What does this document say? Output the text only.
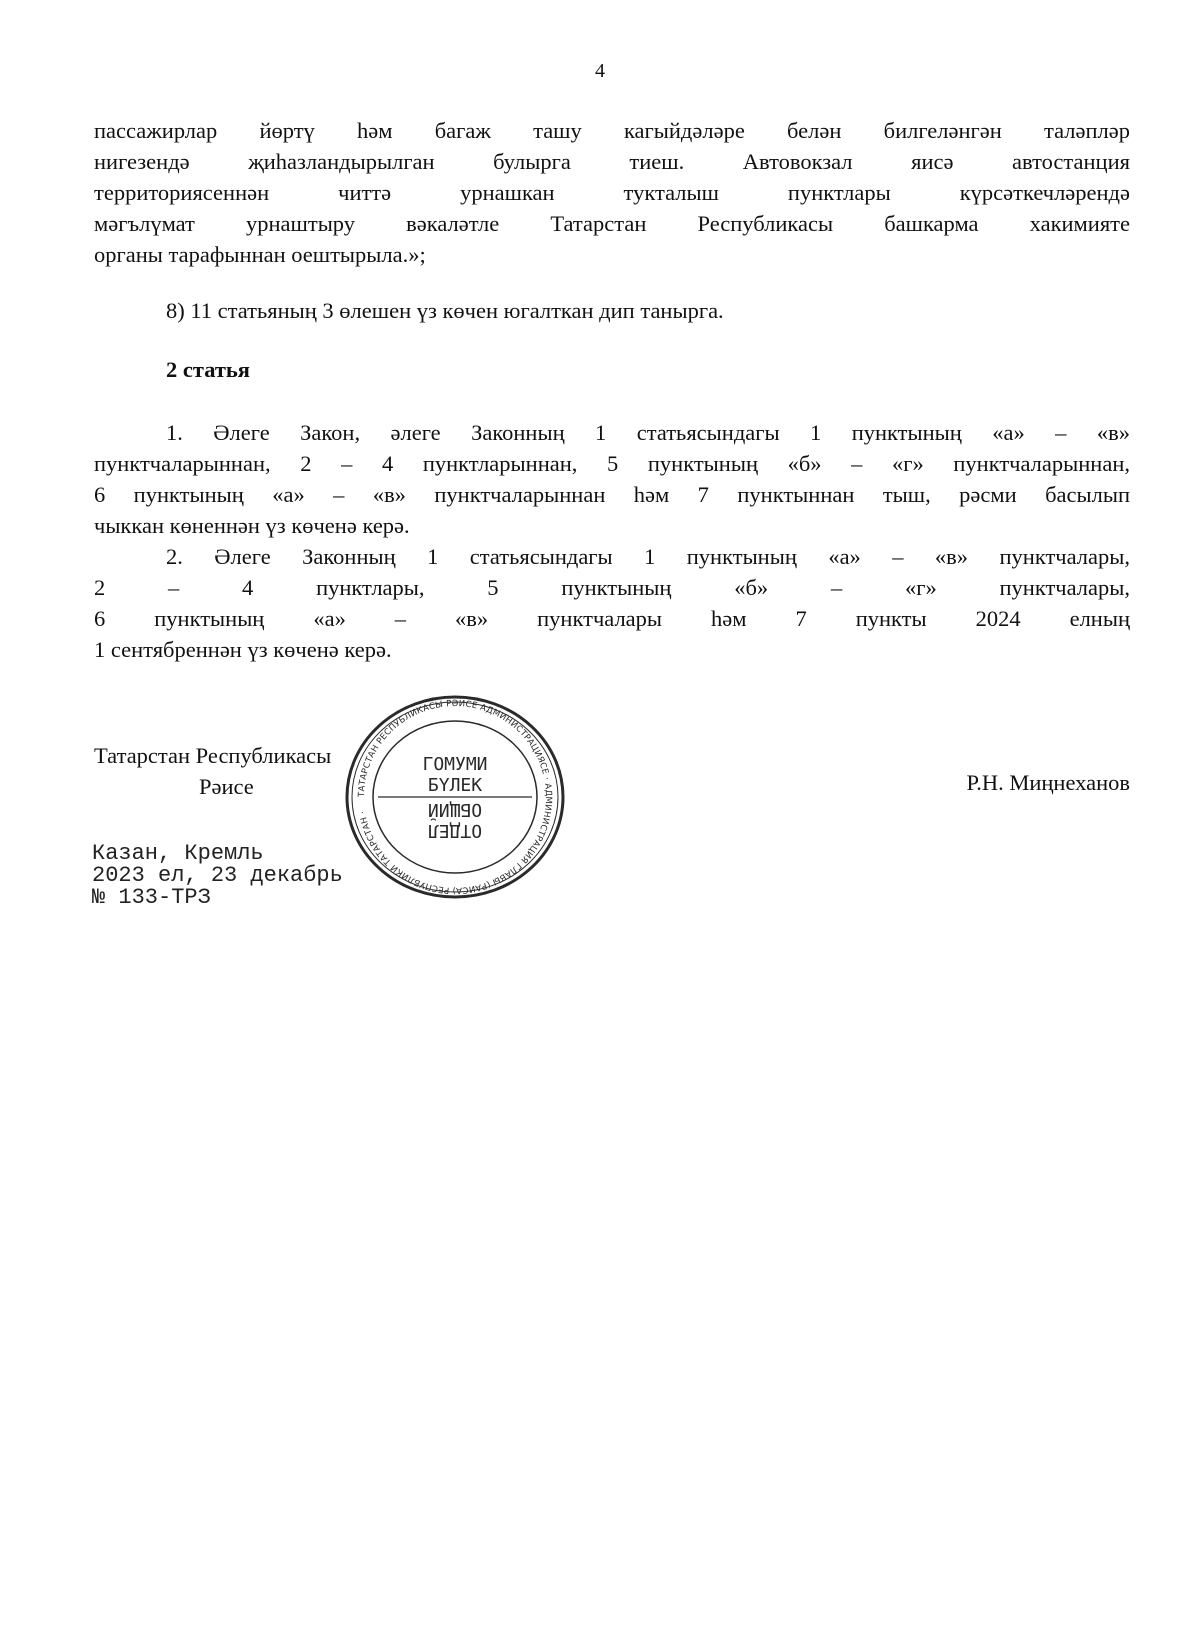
4
пассажирлар йөртү һәм багаж ташу кагыйдәләре белән билгеләнгән таләпләр
нигезендә җиһазландырылган булырга тиеш. Автовокзал яисә автостанция
территориясеннән читтә урнашкан тукталыш пунктлары күрсәткечләрендә
мәгълүмат урнаштыру вәкаләтле Татарстан Республикасы башкарма хакимияте
органы тарафыннан оештырыла.»;
8) 11 статьяның 3 өлешен үз көчен югалткан дип танырга.
2 статья
1. Әлеге Закон, әлеге Законның 1 статьясындагы 1 пунктының «а» – «в»
пунктчаларыннан, 2 – 4 пунктларыннан, 5 пунктының «б» – «г» пунктчаларыннан,
6 пунктының «а» – «в» пунктчаларыннан һәм 7 пунктыннан тыш, рәсми басылып
чыккан көненнән үз көченә керә.
2. Әлеге Законның 1 статьясындагы 1 пунктының «а» – «в» пунктчалары,
2 – 4 пунктлары, 5 пунктының «б» – «г» пунктчалары,
6 пунктының «а» – «в» пунктчалары һәм 7 пункты 2024 елның
1 сентябреннән үз көченә керә.
Татарстан Республикасы
Рәисе	Р.Н. Миңнеханов
Казан, Кремль
2023 ел, 23 декабрь
№ 133-ТРЗ
ТАТАРСТАН РЕСПУБЛИКАСЫ РӘИСЕ АДМИНИСТРАЦИЯСЕ · АДМИНИСТРАЦИЯ ГЛАВЫ (РАИСА) РЕСПУБЛИКИ ТАТАРСТАН ·
ГОМУМИ
БҮЛЕК
ОТДЕЛ
ОБЩИЙ
